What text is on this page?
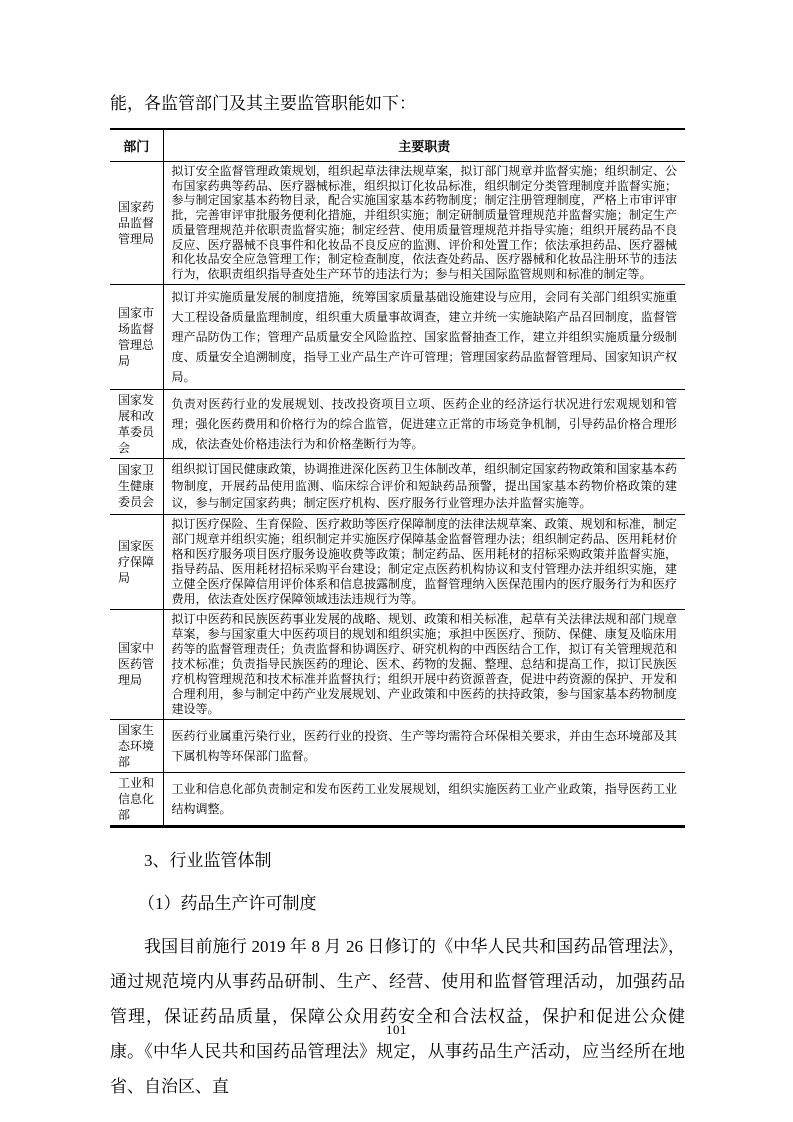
能，各监管部门及其主要监管职能如下：

部门	主要职责
国家药品监督管理局	拟订安全监督管理政策规划，组织起草法律法规草案，拟订部门规章并监督实施；组织制定、公布国家药典等药品、医疗器械标准，组织拟订化妆品标准，组织制定分类管理制度并监督实施；参与制定国家基本药物目录，配合实施国家基本药物制度；制定注册管理制度，严格上市审评审批，完善审评审批服务便利化措施，并组织实施；制定研制质量管理规范并监督实施；制定生产质量管理规范并依职责监督实施；制定经营、使用质量管理规范并指导实施；组织开展药品不良反应、医疗器械不良事件和化妆品不良反应的监测、评价和处置工作；依法承担药品、医疗器械和化妆品安全应急管理工作；制定检查制度，依法查处药品、医疗器械和化妆品注册环节的违法行为，依职责组织指导查处生产环节的违法行为；参与相关国际监管规则和标准的制定等。
国家市场监督管理总局	拟订并实施质量发展的制度措施，统筹国家质量基础设施建设与应用，会同有关部门组织实施重大工程设备质量监理制度，组织重大质量事故调查，建立并统一实施缺陷产品召回制度，监督管理产品防伪工作；管理产品质量安全风险监控、国家监督抽查工作，建立并组织实施质量分级制度、质量安全追溯制度，指导工业产品生产许可管理；管理国家药品监督管理局、国家知识产权局。
国家发展和改革委员会	负责对医药行业的发展规划、技改投资项目立项、医药企业的经济运行状况进行宏观规划和管理；强化医药费用和价格行为的综合监管，促进建立正常的市场竞争机制，引导药品价格合理形成，依法查处价格违法行为和价格垄断行为等。
国家卫生健康委员会	组织拟订国民健康政策，协调推进深化医药卫生体制改革，组织制定国家药物政策和国家基本药物制度，开展药品使用监测、临床综合评价和短缺药品预警，提出国家基本药物价格政策的建议，参与制定国家药典；制定医疗机构、医疗服务行业管理办法并监督实施等。
国家医疗保障局	拟订医疗保险、生育保险、医疗救助等医疗保障制度的法律法规草案、政策、规划和标准，制定部门规章并组织实施；组织制定并实施医疗保障基金监督管理办法；组织制定药品、医用耗材价格和医疗服务项目医疗服务设施收费等政策；制定药品、医用耗材的招标采购政策并监督实施，指导药品、医用耗材招标采购平台建设；制定定点医药机构协议和支付管理办法并组织实施，建立健全医疗保障信用评价体系和信息披露制度，监督管理纳入医保范围内的医疗服务行为和医疗费用，依法查处医疗保障领域违法违规行为等。
国家中医药管理局	拟订中医药和民族医药事业发展的战略、规划、政策和相关标准，起草有关法律法规和部门规章草案，参与国家重大中医药项目的规划和组织实施；承担中医医疗、预防、保健、康复及临床用药等的监督管理责任；负责监督和协调医疗、研究机构的中西医结合工作，拟订有关管理规范和技术标准；负责指导民族医药的理论、医术、药物的发掘、整理、总结和提高工作，拟订民族医疗机构管理规范和技术标准并监督执行；组织开展中药资源普查，促进中药资源的保护、开发和合理利用，参与制定中药产业发展规划、产业政策和中医药的扶持政策，参与国家基本药物制度建设等。
国家生态环境部	医药行业属重污染行业，医药行业的投资、生产等均需符合环保相关要求，并由生态环境部及其下属机构等环保部门监督。
工业和信息化部	工业和信息化部负责制定和发布医药工业发展规划，组织实施医药工业产业政策，指导医药工业结构调整。

3、行业监管体制

（1）药品生产许可制度

我国目前施行 2019 年 8 月 26 日修订的《中华人民共和国药品管理法》，通过规范境内从事药品研制、生产、经营、使用和监督管理活动，加强药品管理，保证药品质量，保障公众用药安全和合法权益，保护和促进公众健康。《中华人民共和国药品管理法》规定，从事药品生产活动，应当经所在地省、自治区、直

101
